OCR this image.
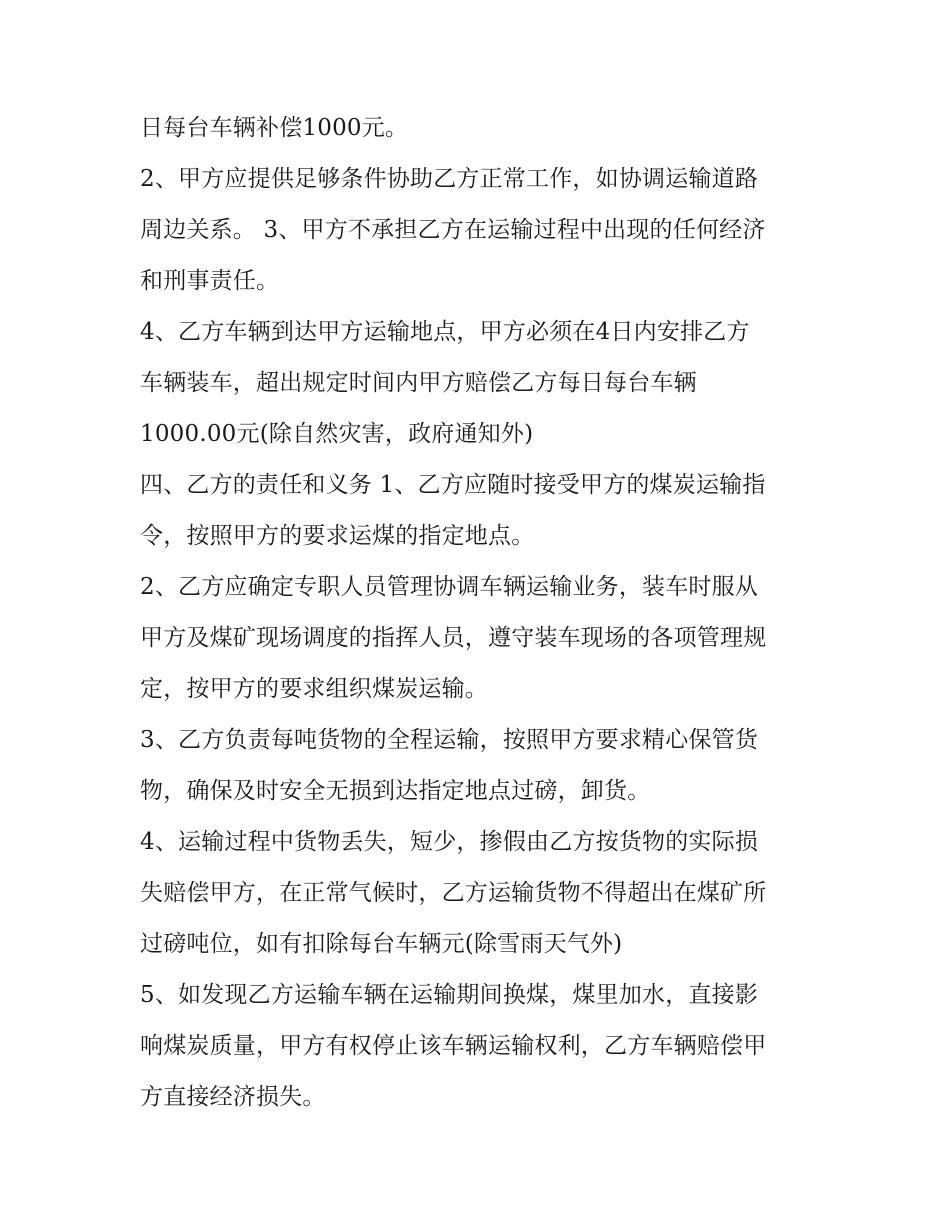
日每台车辆补偿1000元。
2、甲方应提供足够条件协助乙方正常工作，如协调运输道路
周边关系。 3、甲方不承担乙方在运输过程中出现的任何经济
和刑事责任。
4、乙方车辆到达甲方运输地点，甲方必须在4日内安排乙方
车辆装车，超出规定时间内甲方赔偿乙方每日每台车辆
1000.00元(除自然灾害，政府通知外)
四、乙方的责任和义务 1、乙方应随时接受甲方的煤炭运输指
令，按照甲方的要求运煤的指定地点。
2、乙方应确定专职人员管理协调车辆运输业务，装车时服从
甲方及煤矿现场调度的指挥人员，遵守装车现场的各项管理规
定，按甲方的要求组织煤炭运输。
3、乙方负责每吨货物的全程运输，按照甲方要求精心保管货
物，确保及时安全无损到达指定地点过磅，卸货。
4、运输过程中货物丢失，短少，掺假由乙方按货物的实际损
失赔偿甲方，在正常气候时，乙方运输货物不得超出在煤矿所
过磅吨位，如有扣除每台车辆元(除雪雨天气外)
5、如发现乙方运输车辆在运输期间换煤，煤里加水，直接影
响煤炭质量，甲方有权停止该车辆运输权利，乙方车辆赔偿甲
方直接经济损失。
